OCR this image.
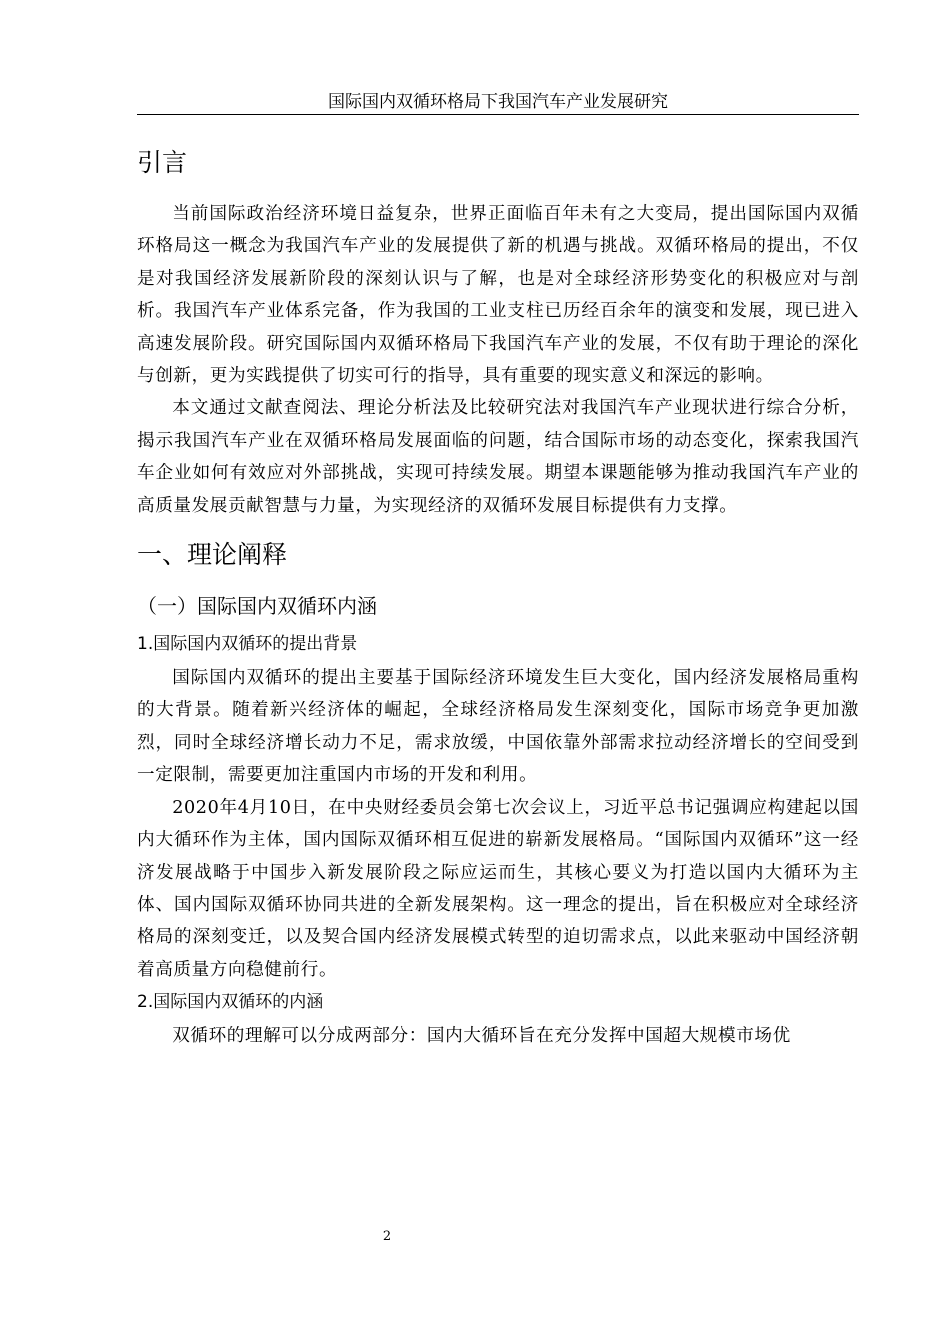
国际国内双循环格局下我国汽车产业发展研究
引言

当前国际政治经济环境日益复杂，世界正面临百年未有之大变局，提出国际国内双循环格局这一概念为我国汽车产业的发展提供了新的机遇与挑战。双循环格局的提出，不仅是对我国经济发展新阶段的深刻认识与了解，也是对全球经济形势变化的积极应对与剖析。我国汽车产业体系完备，作为我国的工业支柱已历经百余年的演变和发展，现已进入高速发展阶段。研究国际国内双循环格局下我国汽车产业的发展，不仅有助于理论的深化与创新，更为实践提供了切实可行的指导，具有重要的现实意义和深远的影响。

本文通过文献查阅法、理论分析法及比较研究法对我国汽车产业现状进行综合分析，揭示我国汽车产业在双循环格局发展面临的问题，结合国际市场的动态变化，探索我国汽车企业如何有效应对外部挑战，实现可持续发展。期望本课题能够为推动我国汽车产业的高质量发展贡献智慧与力量，为实现经济的双循环发展目标提供有力支撑。

一、理论阐释
（一）国际国内双循环内涵
1.国际国内双循环的提出背景

国际国内双循环的提出主要基于国际经济环境发生巨大变化，国内经济发展格局重构的大背景。随着新兴经济体的崛起，全球经济格局发生深刻变化，国际市场竞争更加激烈，同时全球经济增长动力不足，需求放缓，中国依靠外部需求拉动经济增长的空间受到一定限制，需要更加注重国内市场的开发和利用。

2020年4月10日，在中央财经委员会第七次会议上，习近平总书记强调应构建起以国内大循环作为主体，国内国际双循环相互促进的崭新发展格局。“国际国内双循环”这一经济发展战略于中国步入新发展阶段之际应运而生，其核心要义为打造以国内大循环为主体、国内国际双循环协同共进的全新发展架构。这一理念的提出，旨在积极应对全球经济格局的深刻变迁，以及契合国内经济发展模式转型的迫切需求点，以此来驱动中国经济朝着高质量方向稳健前行。

2.国际国内双循环的内涵

双循环的理解可以分成两部分：国内大循环旨在充分发挥中国超大规模市场优

2
